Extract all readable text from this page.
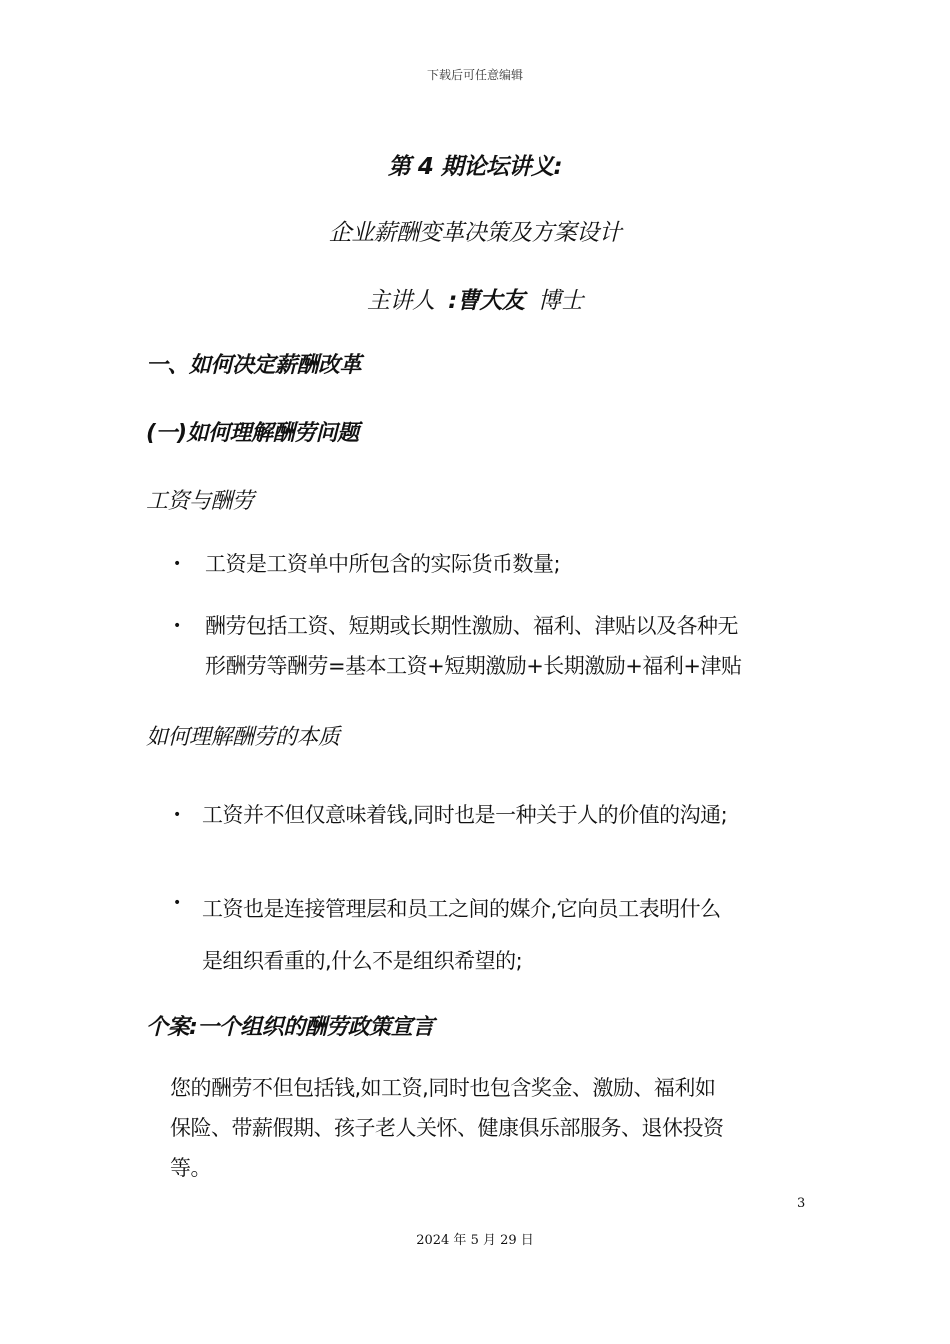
下载后可任意编辑
第 4 期论坛讲义:
企业薪酬变革决策及方案设计
主讲人 :曹大友 博士
一、如何决定薪酬改革
(一)如何理解酬劳问题
工资与酬劳
• 工资是工资单中所包含的实际货币数量;
• 酬劳包括工资、短期或长期性激励、福利、津贴以及各种无
形酬劳等酬劳=基本工资+短期激励+长期激励+福利+津贴
如何理解酬劳的本质
• 工资并不但仅意味着钱,同时也是一种关于人的价值的沟通;
• 工资也是连接管理层和员工之间的媒介,它向员工表明什么
是组织看重的,什么不是组织希望的;
个案:一个组织的酬劳政策宣言
您的酬劳不但包括钱,如工资,同时也包含奖金、激励、福利如
保险、带薪假期、孩子老人关怀、健康俱乐部服务、退休投资
等。
3
2024 年 5 月 29 日
